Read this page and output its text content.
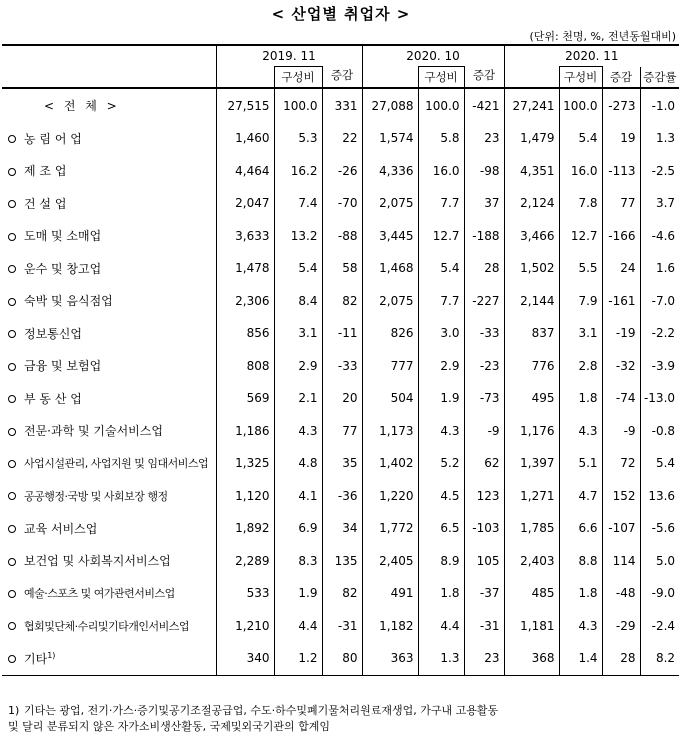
< 산업별 취업자 >
(단위: 천명, %, 전년동월대비)
	2019. 11			2020. 10			2020. 11			
		구성비	증감		구성비	증감		구성비	증감	증감률
< 전 체 >	27,515	100.0	331	27,088	100.0	-421	27,241	100.0	-273	-1.0
농 림 어 업	1,460	5.3	22	1,574	5.8	23	1,479	5.4	19	1.3
제 조 업	4,464	16.2	-26	4,336	16.0	-98	4,351	16.0	-113	-2.5
건 설 업	2,047	7.4	-70	2,075	7.7	37	2,124	7.8	77	3.7
도매 및 소매업	3,633	13.2	-88	3,445	12.7	-188	3,466	12.7	-166	-4.6
운수 및 창고업	1,478	5.4	58	1,468	5.4	28	1,502	5.5	24	1.6
숙박 및 음식점업	2,306	8.4	82	2,075	7.7	-227	2,144	7.9	-161	-7.0
정보통신업	856	3.1	-11	826	3.0	-33	837	3.1	-19	-2.2
금융 및 보험업	808	2.9	-33	777	2.9	-23	776	2.8	-32	-3.9
부 동 산 업	569	2.1	20	504	1.9	-73	495	1.8	-74	-13.0
전문·과학 및 기술서비스업	1,186	4.3	77	1,173	4.3	-9	1,176	4.3	-9	-0.8
사업시설관리, 사업지원 및 임대서비스업	1,325	4.8	35	1,402	5.2	62	1,397	5.1	72	5.4
공공행정·국방 및 사회보장 행정	1,120	4.1	-36	1,220	4.5	123	1,271	4.7	152	13.6
교육 서비스업	1,892	6.9	34	1,772	6.5	-103	1,785	6.6	-107	-5.6
보건업 및 사회복지서비스업	2,289	8.3	135	2,405	8.9	105	2,403	8.8	114	5.0
예술·스포츠 및 여가관련서비스업	533	1.9	82	491	1.8	-37	485	1.8	-48	-9.0
협회및단체·수리및기타개인서비스업	1,210	4.4	-31	1,182	4.4	-31	1,181	4.3	-29	-2.4
기타$^{1)}$	340	1.2	80	363	1.3	23	368	1.4	28	8.2
1) 기타는 광업, 전기·가스·증기및공기조절공급업, 수도·하수및폐기물처리원료재생업, 가구내 고용활동
및 달리 분류되지 않은 자가소비생산활동, 국제및외국기관의 합계임
